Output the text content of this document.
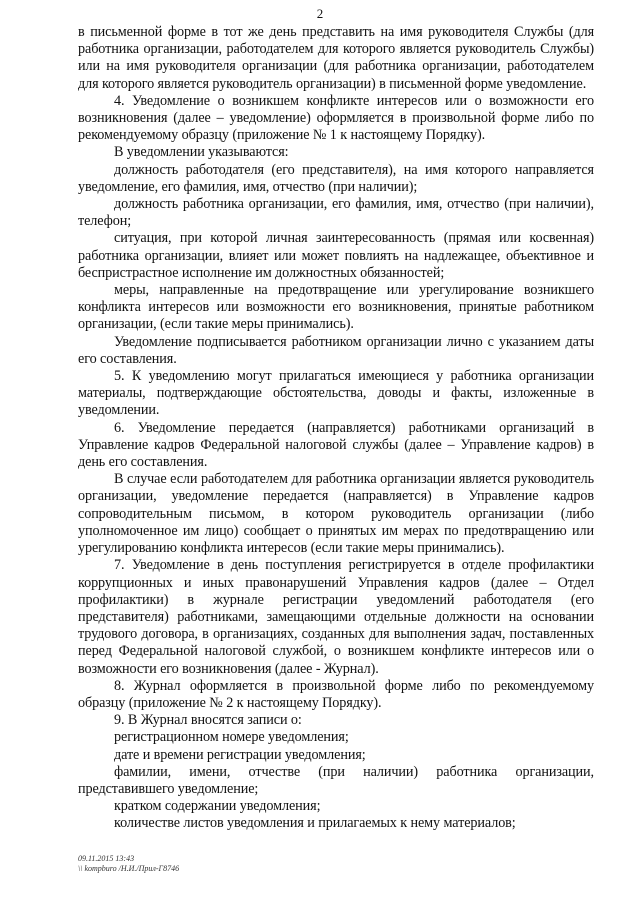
2

в письменной форме в тот же день представить на имя руководителя Службы (для работника организации, работодателем для которого является руководитель Службы) или на имя руководителя организации (для работника организации, работодателем для которого является руководитель организации) в письменной форме уведомление.

4. Уведомление о возникшем конфликте интересов или о возможности его возникновения (далее – уведомление) оформляется в произвольной форме либо по рекомендуемому образцу (приложение № 1 к настоящему Порядку).

В уведомлении указываются:

должность работодателя (его представителя), на имя которого направляется уведомление, его фамилия, имя, отчество (при наличии);

должность работника организации, его фамилия, имя, отчество (при наличии), телефон;

ситуация, при которой личная заинтересованность (прямая или косвенная) работника организации, влияет или может повлиять на надлежащее, объективное и беспристрастное исполнение им должностных обязанностей;

меры, направленные на предотвращение или урегулирование возникшего конфликта интересов или возможности его возникновения, принятые работником организации, (если такие меры принимались).

Уведомление подписывается работником организации лично с указанием даты его составления.

5. К уведомлению могут прилагаться имеющиеся у работника организации материалы, подтверждающие обстоятельства, доводы и факты, изложенные в уведомлении.

6. Уведомление передается (направляется) работниками организаций в Управление кадров Федеральной налоговой службы (далее – Управление кадров) в день его составления.

В случае если работодателем для работника организации является руководитель организации, уведомление передается (направляется) в Управление кадров сопроводительным письмом, в котором руководитель организации (либо уполномоченное им лицо) сообщает о принятых им мерах по предотвращению или урегулированию конфликта интересов (если такие меры принимались).

7. Уведомление в день поступления регистрируется в отделе профилактики коррупционных и иных правонарушений Управления кадров (далее – Отдел профилактики) в журнале регистрации уведомлений работодателя (его представителя) работниками, замещающими отдельные должности на основании трудового договора, в организациях, созданных для выполнения задач, поставленных перед Федеральной налоговой службой, о возникшем конфликте интересов или о возможности его возникновения (далее - Журнал).

8. Журнал оформляется в произвольной форме либо по рекомендуемому образцу (приложение № 2 к настоящему Порядку).

9. В Журнал вносятся записи о:

регистрационном номере уведомления;

дате и времени регистрации уведомления;

фамилии, имени, отчестве (при наличии) работника организации, представившего уведомление;

кратком содержании уведомления;

количестве листов уведомления и прилагаемых к нему материалов;

09.11.2015 13:43
\\ kompburo /Н.И./Прил-Г8746
